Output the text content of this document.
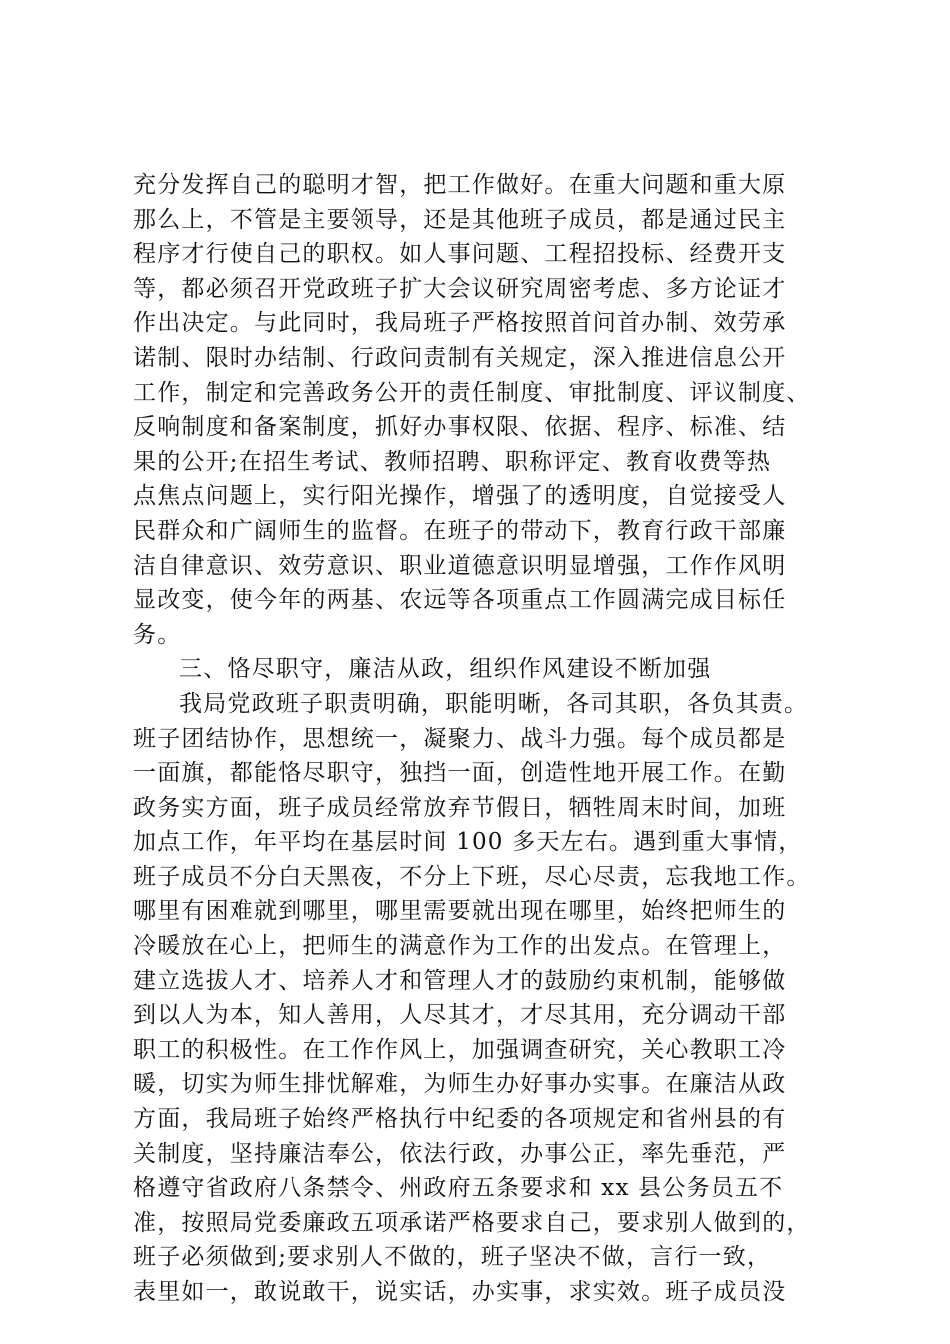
充分发挥自己的聪明才智，把工作做好。在重大问题和重大原
那么上，不管是主要领导，还是其他班子成员，都是通过民主
程序才行使自己的职权。如人事问题、工程招投标、经费开支
等，都必须召开党政班子扩大会议研究周密考虑、多方论证才
作出决定。与此同时，我局班子严格按照首问首办制、效劳承
诺制、限时办结制、行政问责制有关规定，深入推进信息公开
工作，制定和完善政务公开的责任制度、审批制度、评议制度、
反响制度和备案制度，抓好办事权限、依据、程序、标准、结
果的公开;在招生考试、教师招聘、职称评定、教育收费等热
点焦点问题上，实行阳光操作，增强了的透明度，自觉接受人
民群众和广阔师生的监督。在班子的带动下，教育行政干部廉
洁自律意识、效劳意识、职业道德意识明显增强，工作作风明
显改变，使今年的两基、农远等各项重点工作圆满完成目标任
务。
三、恪尽职守，廉洁从政，组织作风建设不断加强
我局党政班子职责明确，职能明晰，各司其职，各负其责。
班子团结协作，思想统一，凝聚力、战斗力强。每个成员都是
一面旗，都能恪尽职守，独挡一面，创造性地开展工作。在勤
政务实方面，班子成员经常放弃节假日，牺牲周末时间，加班
加点工作，年平均在基层时间 100 多天左右。遇到重大事情，
班子成员不分白天黑夜，不分上下班，尽心尽责，忘我地工作。
哪里有困难就到哪里，哪里需要就出现在哪里，始终把师生的
冷暖放在心上，把师生的满意作为工作的出发点。在管理上，
建立选拔人才、培养人才和管理人才的鼓励约束机制，能够做
到以人为本，知人善用，人尽其才，才尽其用，充分调动干部
职工的积极性。在工作作风上，加强调查研究，关心教职工冷
暖，切实为师生排忧解难，为师生办好事办实事。在廉洁从政
方面，我局班子始终严格执行中纪委的各项规定和省州县的有
关制度，坚持廉洁奉公，依法行政，办事公正，率先垂范，严
格遵守省政府八条禁令、州政府五条要求和 xx 县公务员五不
准，按照局党委廉政五项承诺严格要求自己，要求别人做到的，
班子必须做到;要求别人不做的，班子坚决不做，言行一致，
表里如一，敢说敢干，说实话，办实事，求实效。班子成员没
